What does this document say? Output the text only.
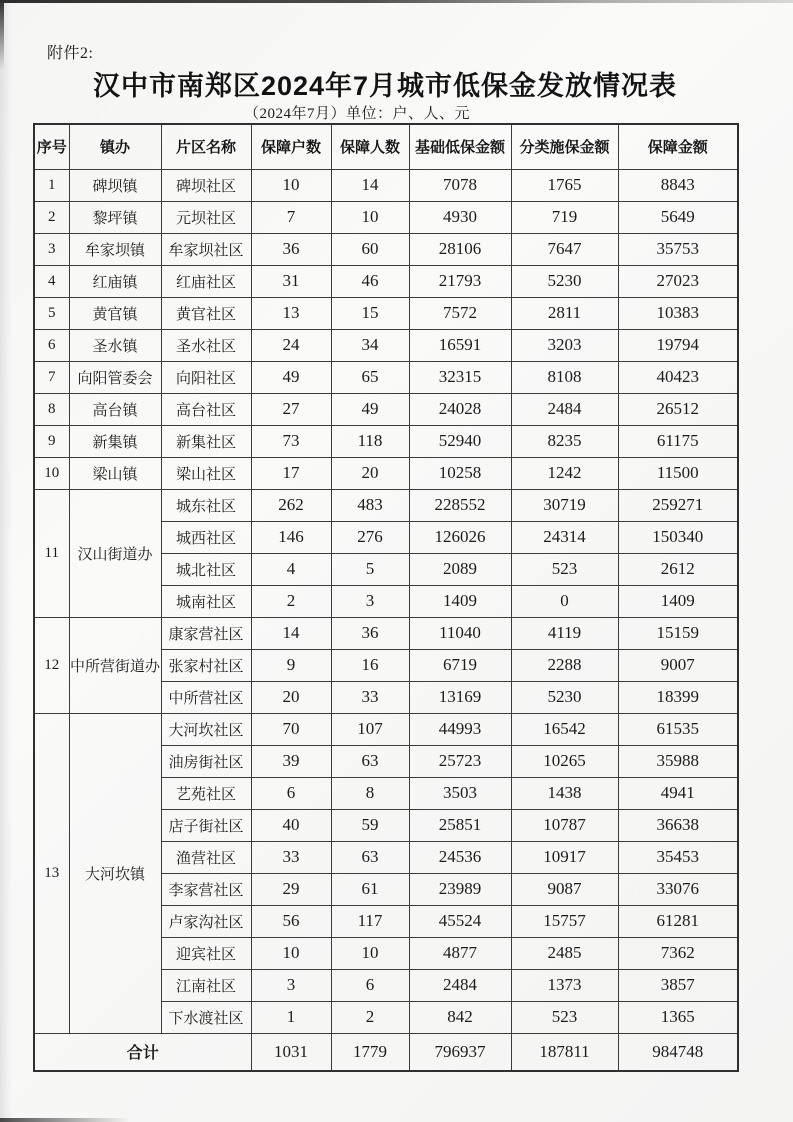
附件2:
汉中市南郑区2024年7月城市低保金发放情况表
（2024年7月）单位：户、人、元
序号	镇办	片区名称	保障户数	保障人数	基础低保金额	分类施保金额	保障金额
1	碑坝镇	碑坝社区	10	14	7078	1765	8843
2	黎坪镇	元坝社区	7	10	4930	719	5649
3	牟家坝镇	牟家坝社区	36	60	28106	7647	35753
4	红庙镇	红庙社区	31	46	21793	5230	27023
5	黄官镇	黄官社区	13	15	7572	2811	10383
6	圣水镇	圣水社区	24	34	16591	3203	19794
7	向阳管委会	向阳社区	49	65	32315	8108	40423
8	高台镇	高台社区	27	49	24028	2484	26512
9	新集镇	新集社区	73	118	52940	8235	61175
10	梁山镇	梁山社区	17	20	10258	1242	11500
11	汉山街道办	城东社区	262	483	228552	30719	259271
		城西社区	146	276	126026	24314	150340
		城北社区	4	5	2089	523	2612
		城南社区	2	3	1409	0	1409
12	中所营街道办	康家营社区	14	36	11040	4119	15159
		张家村社区	9	16	6719	2288	9007
		中所营社区	20	33	13169	5230	18399
13	大河坎镇	大河坎社区	70	107	44993	16542	61535
		油房街社区	39	63	25723	10265	35988
		艺苑社区	6	8	3503	1438	4941
		店子街社区	40	59	25851	10787	36638
		渔营社区	33	63	24536	10917	35453
		李家营社区	29	61	23989	9087	33076
		卢家沟社区	56	117	45524	15757	61281
		迎宾社区	10	10	4877	2485	7362
		江南社区	3	6	2484	1373	3857
		下水渡社区	1	2	842	523	1365
合计			1031	1779	796937	187811	984748
